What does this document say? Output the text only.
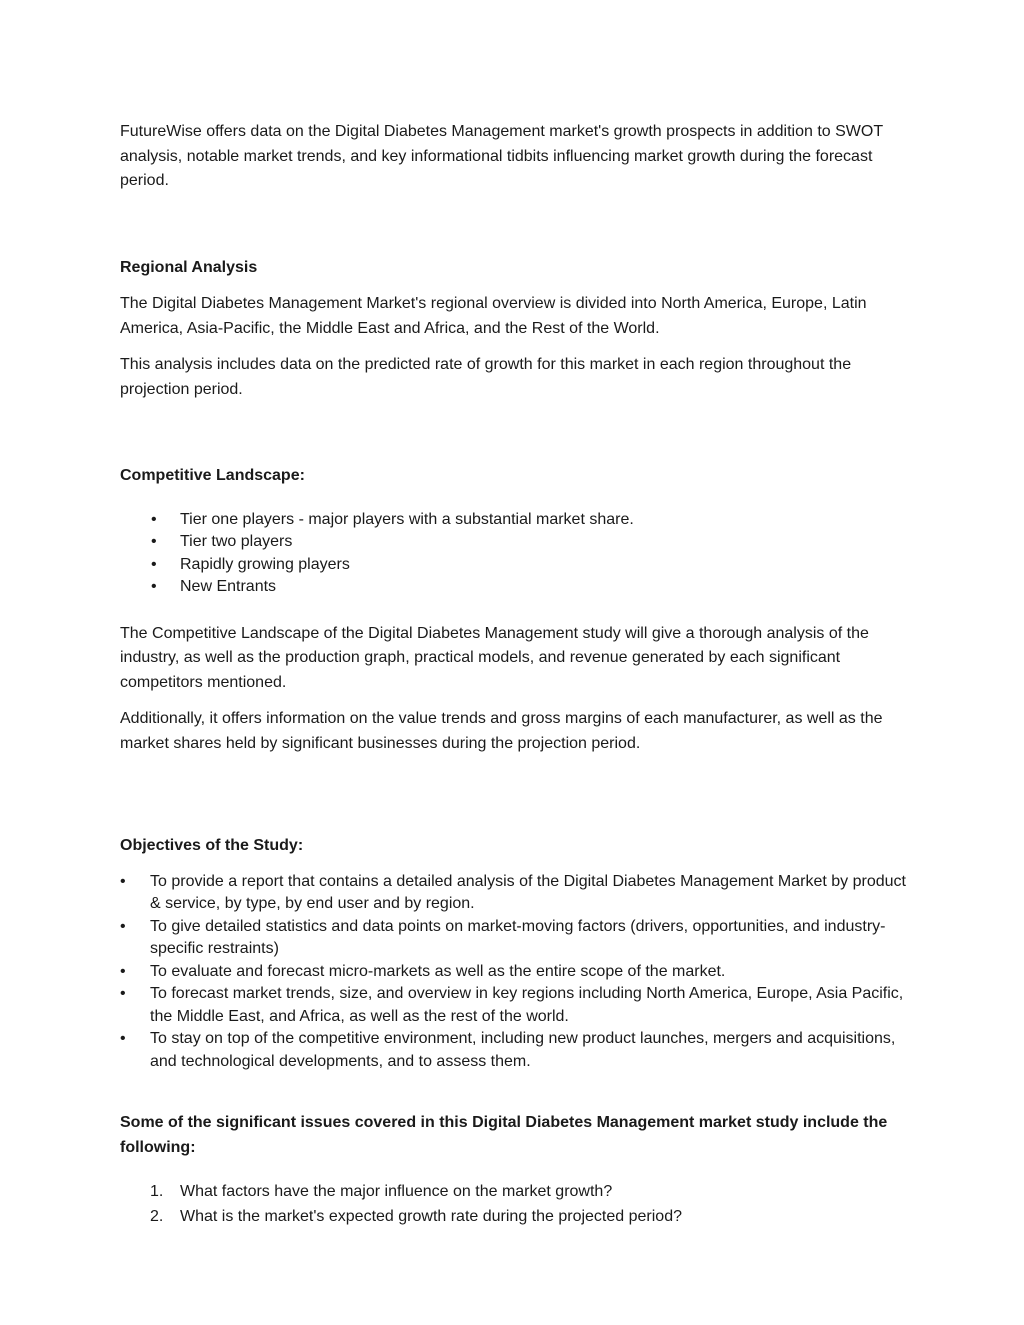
FutureWise offers data on the Digital Diabetes Management market's growth prospects in addition to SWOT analysis, notable market trends, and key informational tidbits influencing market growth during the forecast period.

Regional Analysis

The Digital Diabetes Management Market's regional overview is divided into North America, Europe, Latin America, Asia-Pacific, the Middle East and Africa, and the Rest of the World.

This analysis includes data on the predicted rate of growth for this market in each region throughout the projection period.

Competitive Landscape:
• Tier one players - major players with a substantial market share.
• Tier two players
• Rapidly growing players
• New Entrants

The Competitive Landscape of the Digital Diabetes Management study will give a thorough analysis of the industry, as well as the production graph, practical models, and revenue generated by each significant competitors mentioned.

Additionally, it offers information on the value trends and gross margins of each manufacturer, as well as the market shares held by significant businesses during the projection period.

Objectives of the Study:
• To provide a report that contains a detailed analysis of the Digital Diabetes Management Market by product & service, by type, by end user and by region.
• To give detailed statistics and data points on market-moving factors (drivers, opportunities, and industry-specific restraints)
• To evaluate and forecast micro-markets as well as the entire scope of the market.
• To forecast market trends, size, and overview in key regions including North America, Europe, Asia Pacific, the Middle East, and Africa, as well as the rest of the world.
• To stay on top of the competitive environment, including new product launches, mergers and acquisitions, and technological developments, and to assess them.
Some of the significant issues covered in this Digital Diabetes Management market study include the following:
1. What factors have the major influence on the market growth?
2. What is the market's expected growth rate during the projected period?
